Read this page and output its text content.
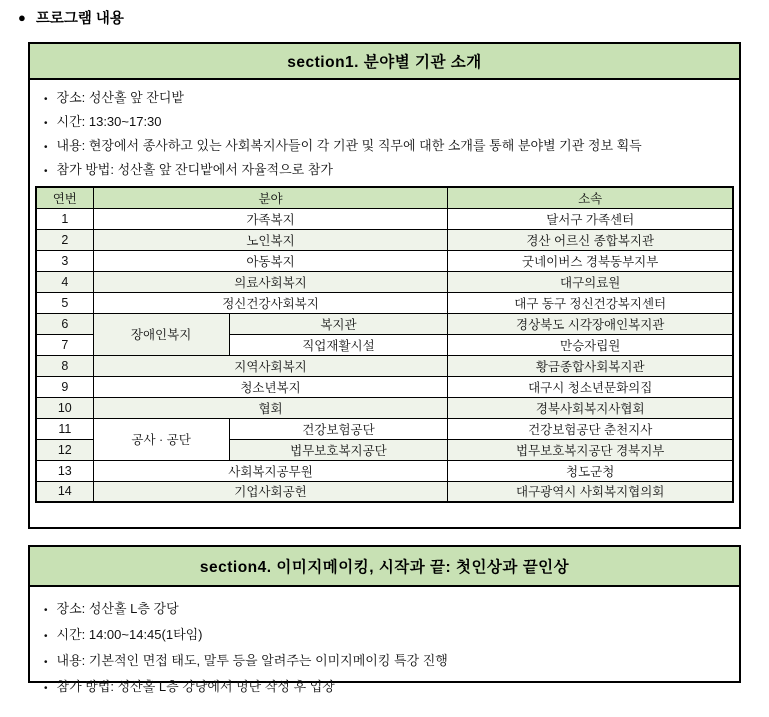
● 프로그램 내용
section1. 분야별 기관 소개
• 장소: 성산홀 앞 잔디밭
• 시간: 13:30~17:30
• 내용: 현장에서 종사하고 있는 사회복지사들이 각 기관 및 직무에 대한 소개를 통해 분야별 기관 정보 획득
• 참가 방법: 성산홀 앞 잔디밭에서 자율적으로 참가
연번	분야		소속
1	가족복지		달서구 가족센터
2	노인복지		경산 어르신 종합복지관
3	아동복지		굿네이버스 경북동부지부
4	의료사회복지		대구의료원
5	정신건강사회복지		대구 동구 정신건강복지센터
6	장애인복지	복지관	경상북도 시각장애인복지관
7		직업재활시설	만승자립원
8	지역사회복지		황금종합사회복지관
9	청소년복지		대구시 청소년문화의집
10	협회		경북사회복지사협회
11	공사 · 공단	건강보험공단	건강보험공단 춘천지사
12		법무보호복지공단	법무보호복지공단 경북지부
13	사회복지공무원		청도군청
14	기업사회공헌		대구광역시 사회복지협의회
section4. 이미지메이킹, 시작과 끝: 첫인상과 끝인상
• 장소: 성산홀 L층 강당
• 시간: 14:00~14:45(1타임)
• 내용: 기본적인 면접 태도, 말투 등을 알려주는 이미지메이킹 특강 진행
• 참가 방법: 성산홀 L층 강당에서 명단 작성 후 입장
